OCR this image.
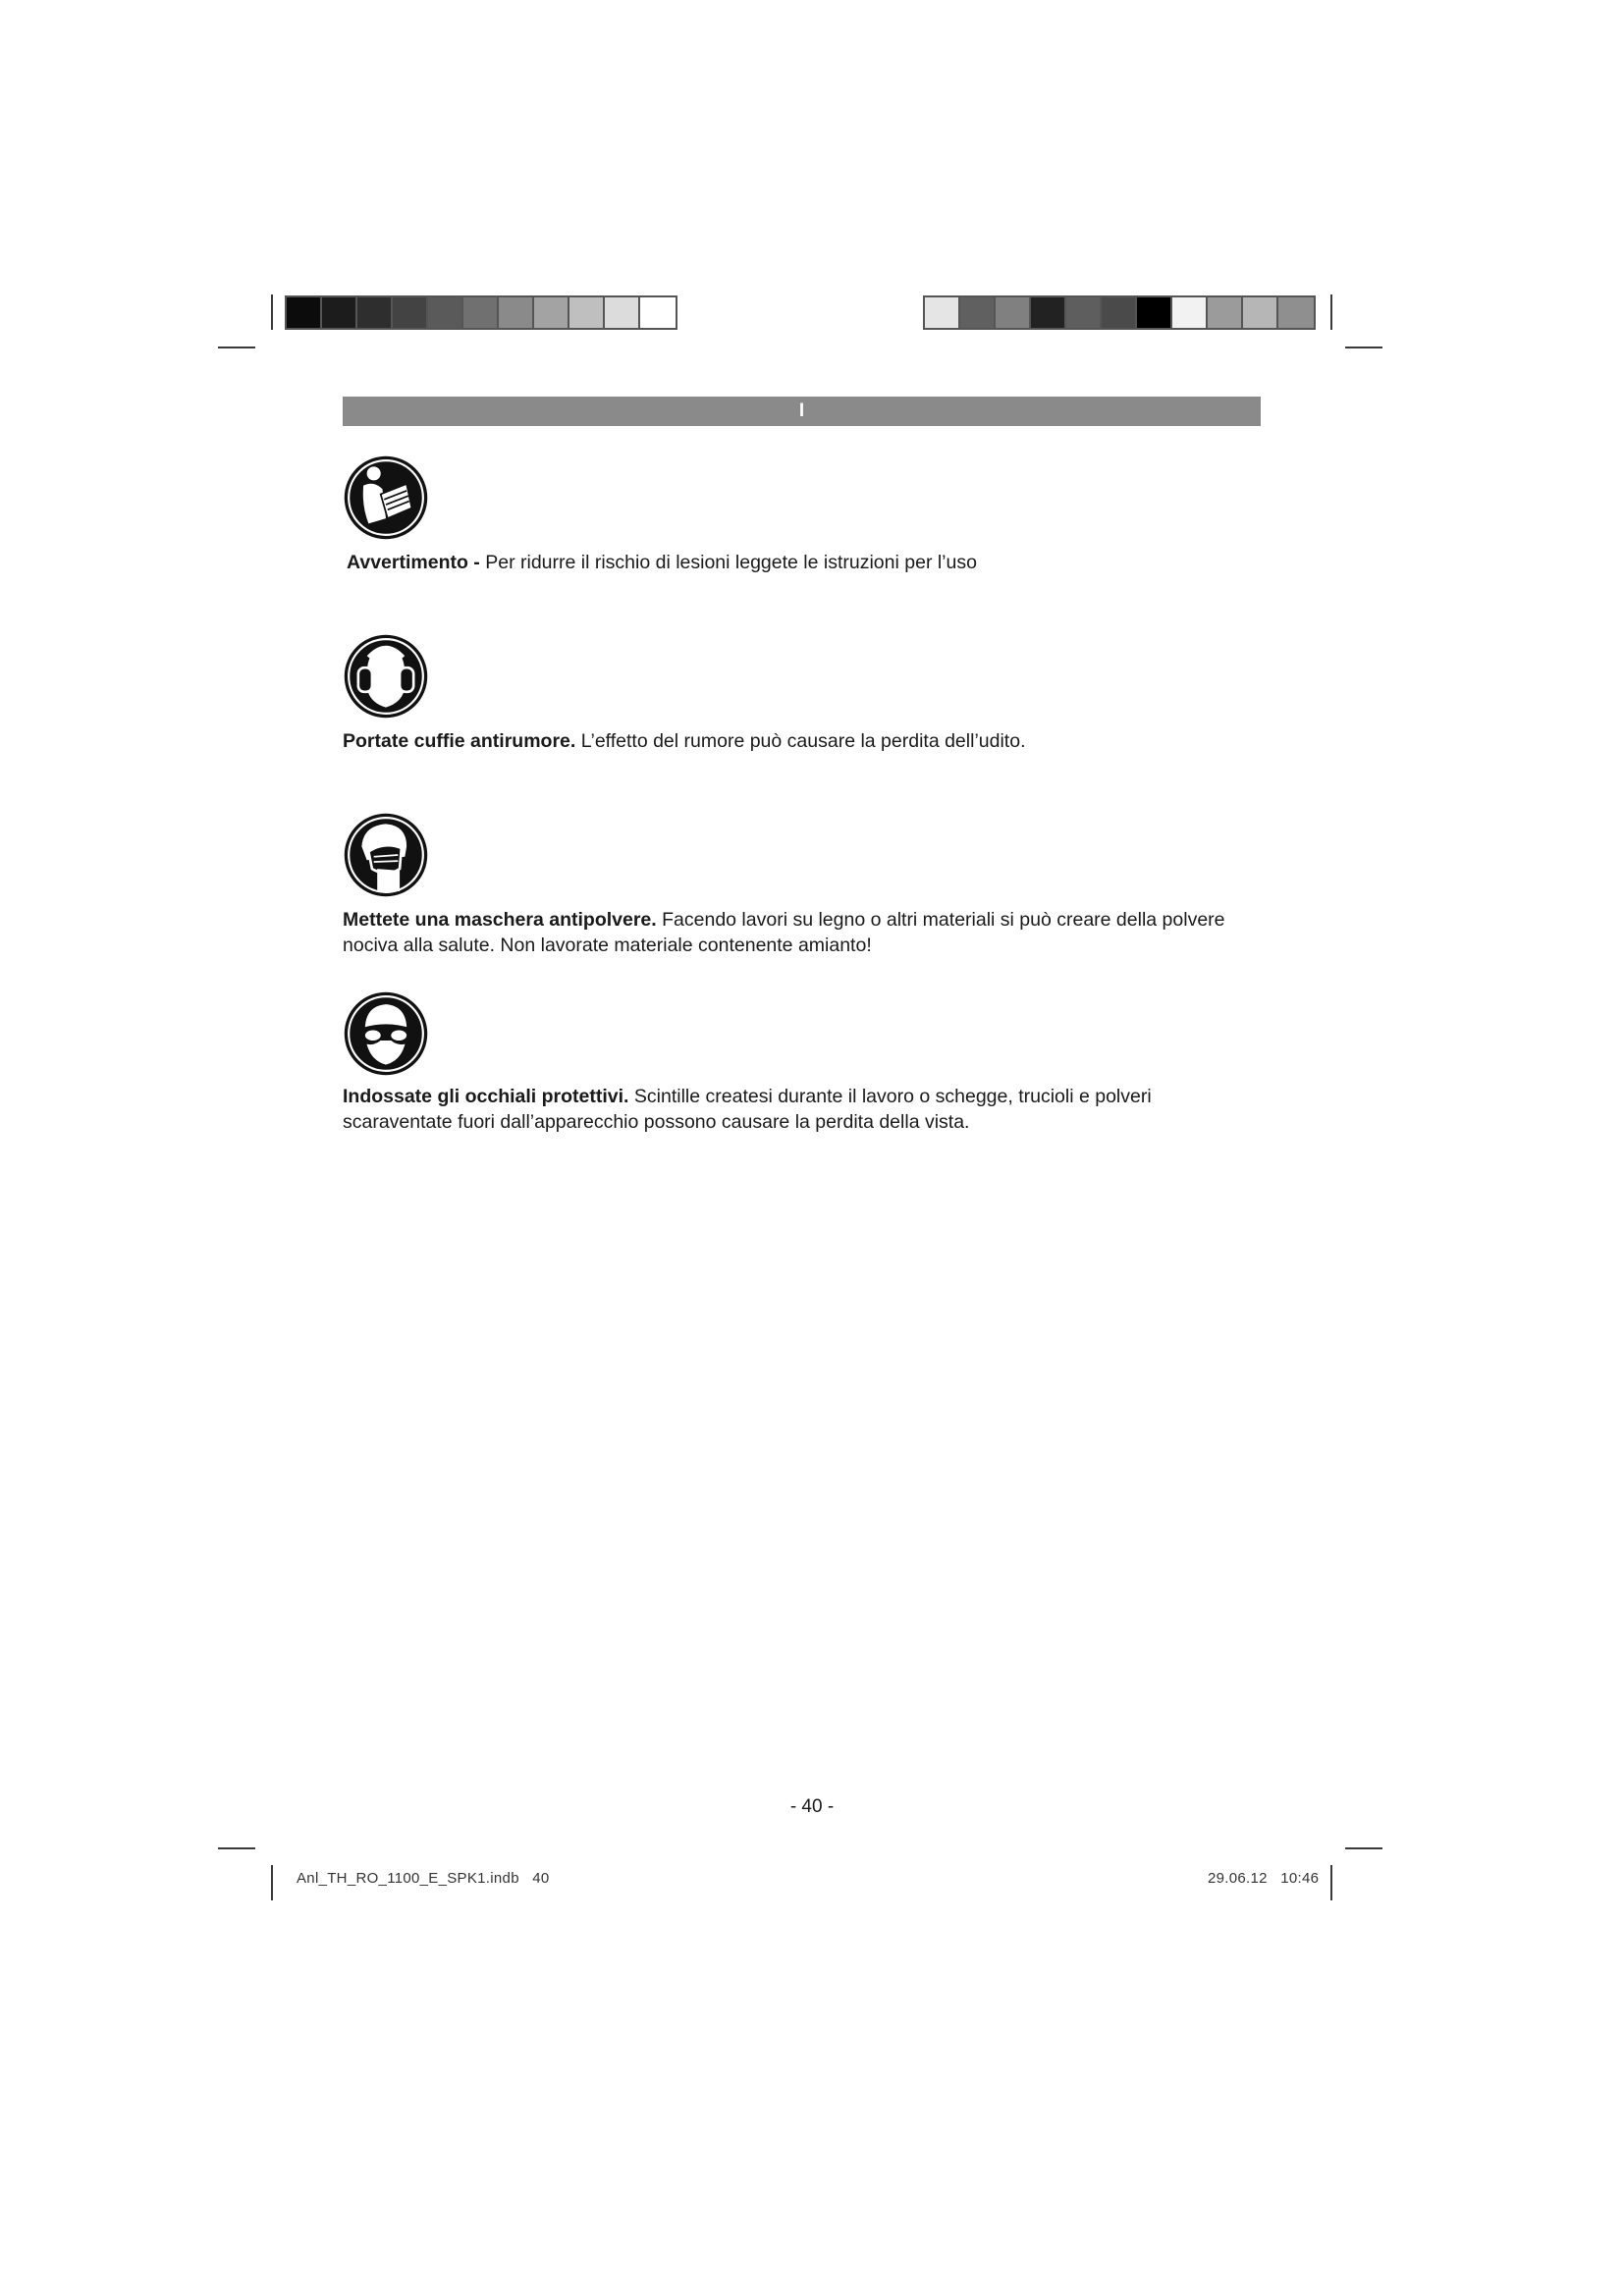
I

Avvertimento - Per ridurre il rischio di lesioni leggete le istruzioni per l’uso

Portate cuffie antirumore. L’effetto del rumore può causare la perdita dell’udito.

Mettete una maschera antipolvere. Facendo lavori su legno o altri materiali si può creare della polvere nociva alla salute. Non lavorate materiale contenente amianto!

Indossate gli occhiali protettivi. Scintille createsi durante il lavoro o schegge, trucioli e polveri scaraventate fuori dall’apparecchio possono causare la perdita della vista.

- 40 -
Anl_TH_RO_1100_E_SPK1.indb   40	29.06.12   10:46
